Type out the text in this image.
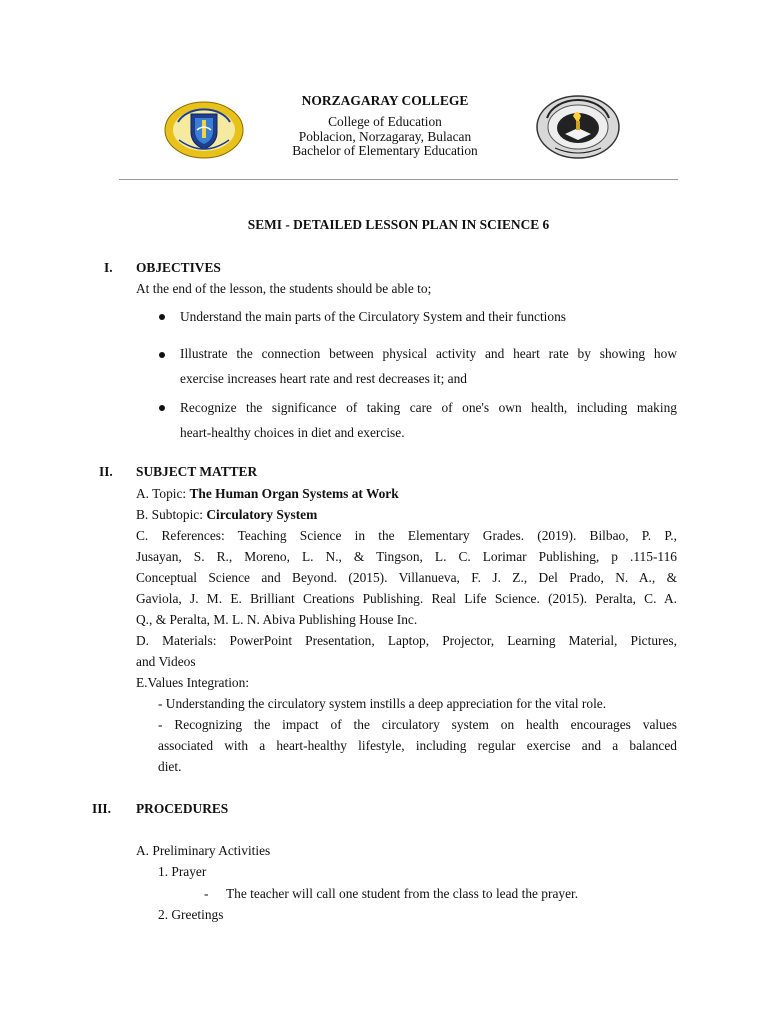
NORZAGARAY COLLEGE
College of Education
Poblacion, Norzagaray, Bulacan
Bachelor of Elementary Education
SEMI - DETAILED LESSON PLAN IN SCIENCE 6
I. OBJECTIVES
At the end of the lesson, the students should be able to;
Understand the main parts of the Circulatory System and their functions
Illustrate the connection between physical activity and heart rate by showing how
exercise increases heart rate and rest decreases it; and
Recognize the significance of taking care of one's own health, including making
heart-healthy choices in diet and exercise.
II. SUBJECT MATTER
A. Topic: The Human Organ Systems at Work
B. Subtopic: Circulatory System
C. References: Teaching Science in the Elementary Grades. (2019). Bilbao, P. P.,
Jusayan, S. R., Moreno, L. N., & Tingson, L. C. Lorimar Publishing, p .115-116
Conceptual Science and Beyond. (2015). Villanueva, F. J. Z., Del Prado, N. A., &
Gaviola, J. M. E. Brilliant Creations Publishing. Real Life Science. (2015). Peralta, C. A.
Q., & Peralta, M. L. N. Abiva Publishing House Inc.
D. Materials: PowerPoint Presentation, Laptop, Projector, Learning Material, Pictures,
and Videos
E.Values Integration:
- Understanding the circulatory system instills a deep appreciation for the vital role.
- Recognizing the impact of the circulatory system on health encourages values
associated with a heart-healthy lifestyle, including regular exercise and a balanced
diet.
III. PROCEDURES
A. Preliminary Activities
1. Prayer
- The teacher will call one student from the class to lead the prayer.
2. Greetings
